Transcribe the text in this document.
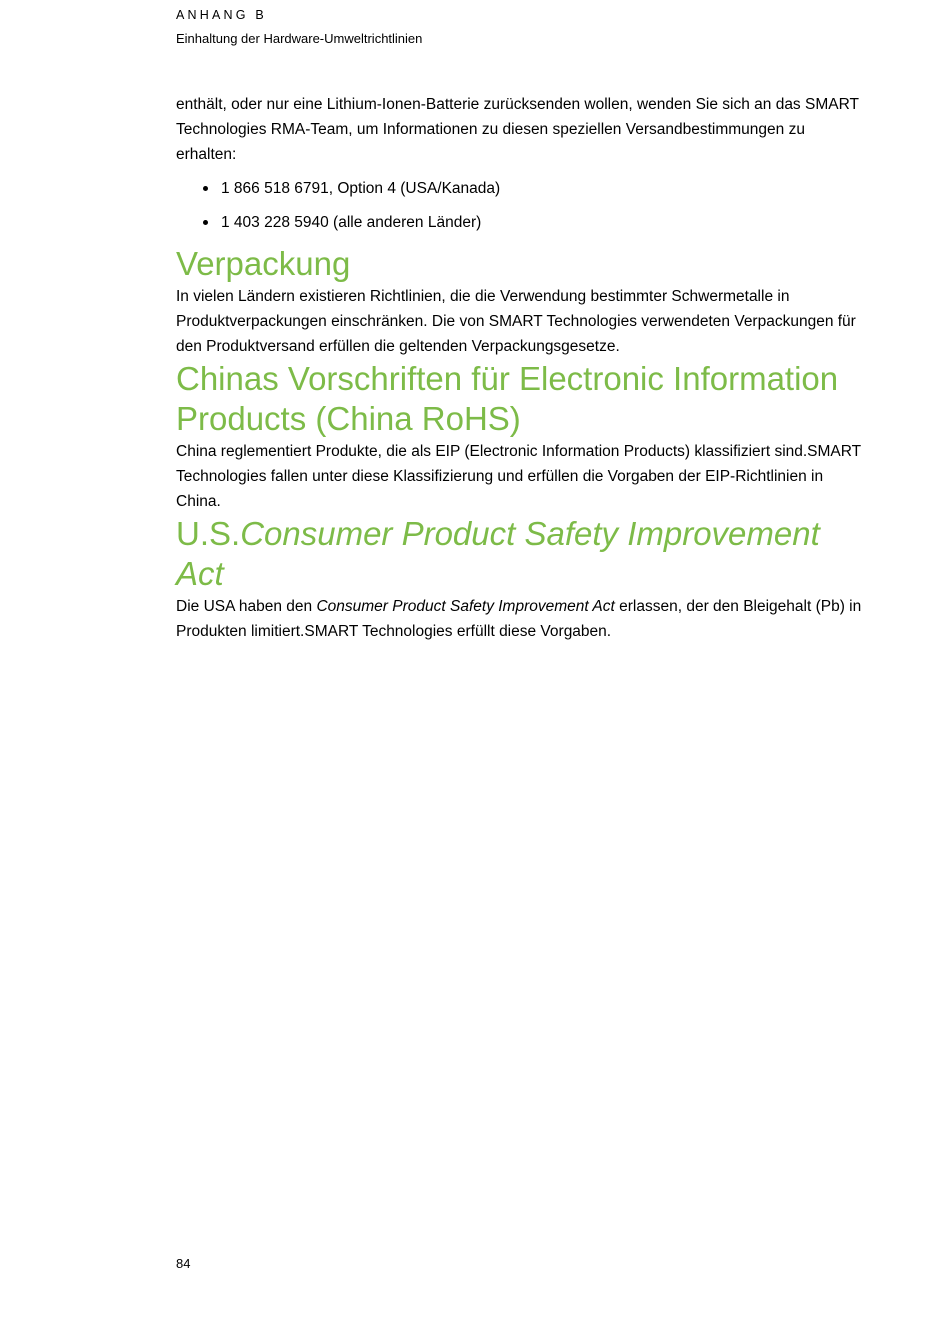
ANHANG B
Einhaltung der Hardware-Umweltrichtlinien

enthält, oder nur eine Lithium-Ionen-Batterie zurücksenden wollen, wenden Sie sich an das SMART Technologies RMA-Team, um Informationen zu diesen speziellen Versandbestimmungen zu erhalten:

1 866 518 6791, Option 4 (USA/Kanada)
1 403 228 5940 (alle anderen Länder)
Verpackung

In vielen Ländern existieren Richtlinien, die die Verwendung bestimmter Schwermetalle in Produktverpackungen einschränken. Die von SMART Technologies verwendeten Verpackungen für den Produktversand erfüllen die geltenden Verpackungsgesetze.

Chinas Vorschriften für Electronic Information Products (China RoHS)

China reglementiert Produkte, die als EIP (Electronic Information Products) klassifiziert sind.SMART Technologies fallen unter diese Klassifizierung und erfüllen die Vorgaben der EIP-Richtlinien in China.

U.S.Consumer Product Safety Improvement Act

Die USA haben den Consumer Product Safety Improvement Act erlassen, der den Bleigehalt (Pb) in Produkten limitiert.SMART Technologies erfüllt diese Vorgaben.

84
